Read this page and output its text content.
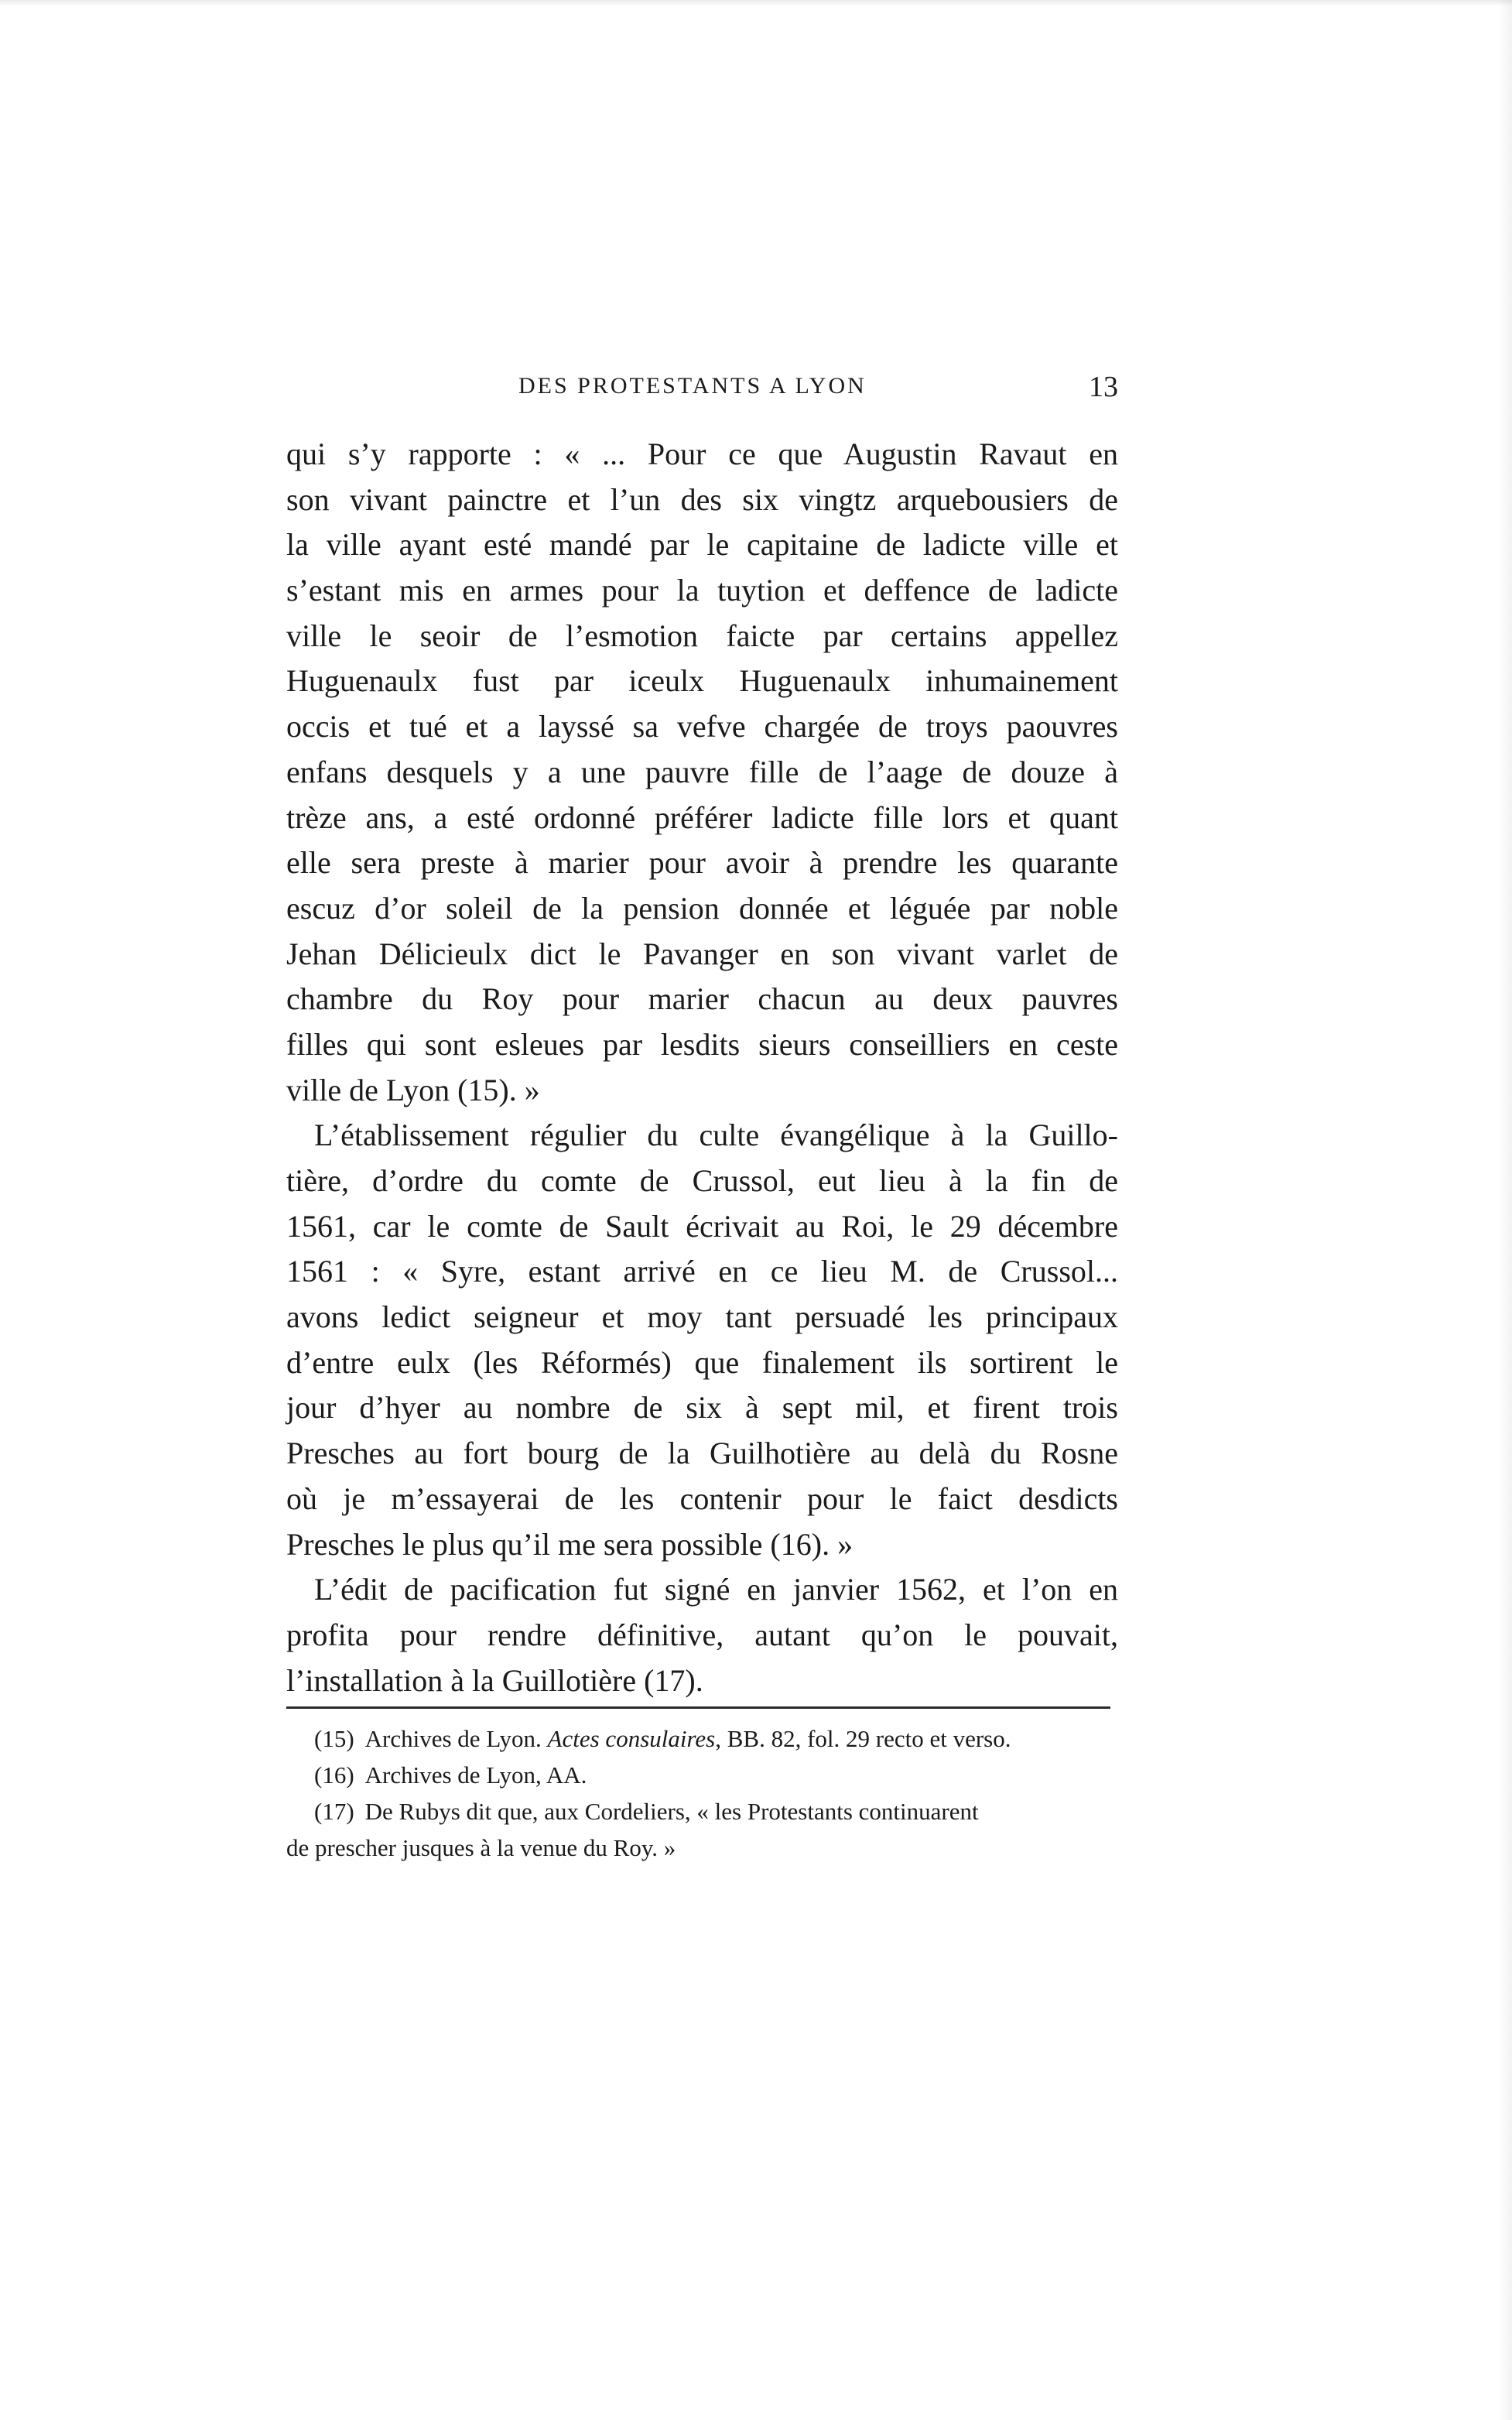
DES PROTESTANTS A LYON	13
qui s’y rapporte : « ... Pour ce que Augustin Ravaut en
son vivant painctre et l’un des six vingtz arquebousiers de
la ville ayant esté mandé par le capitaine de ladicte ville et
s’estant mis en armes pour la tuytion et deffence de ladicte
ville le seoir de l’esmotion faicte par certains appellez
Huguenaulx fust par iceulx Huguenaulx inhumainement
occis et tué et a layssé sa vefve chargée de troys paouvres
enfans desquels y a une pauvre fille de l’aage de douze à
trèze ans, a esté ordonné préférer ladicte fille lors et quant
elle sera preste à marier pour avoir à prendre les quarante
escuz d’or soleil de la pension donnée et léguée par noble
Jehan Délicieulx dict le Pavanger en son vivant varlet de
chambre du Roy pour marier chacun au deux pauvres
filles qui sont esleues par lesdits sieurs conseilliers en ceste
ville de Lyon (15). »
L’établissement régulier du culte évangélique à la Guillo-
tière, d’ordre du comte de Crussol, eut lieu à la fin de
1561, car le comte de Sault écrivait au Roi, le 29 décembre
1561 : « Syre, estant arrivé en ce lieu M. de Crussol...
avons ledict seigneur et moy tant persuadé les principaux
d’entre eulx (les Réformés) que finalement ils sortirent le
jour d’hyer au nombre de six à sept mil, et firent trois
Presches au fort bourg de la Guilhotière au delà du Rosne
où je m’essayerai de les contenir pour le faict desdicts
Presches le plus qu’il me sera possible (16). »
L’édit de pacification fut signé en janvier 1562, et l’on en
profita pour rendre définitive, autant qu’on le pouvait,
l’installation à la Guillotière (17).
(15) Archives de Lyon. Actes consulaires, BB. 82, fol. 29 recto et verso.
(16) Archives de Lyon, AA.
(17) De Rubys dit que, aux Cordeliers, « les Protestants continuarent
de prescher jusques à la venue du Roy. »
